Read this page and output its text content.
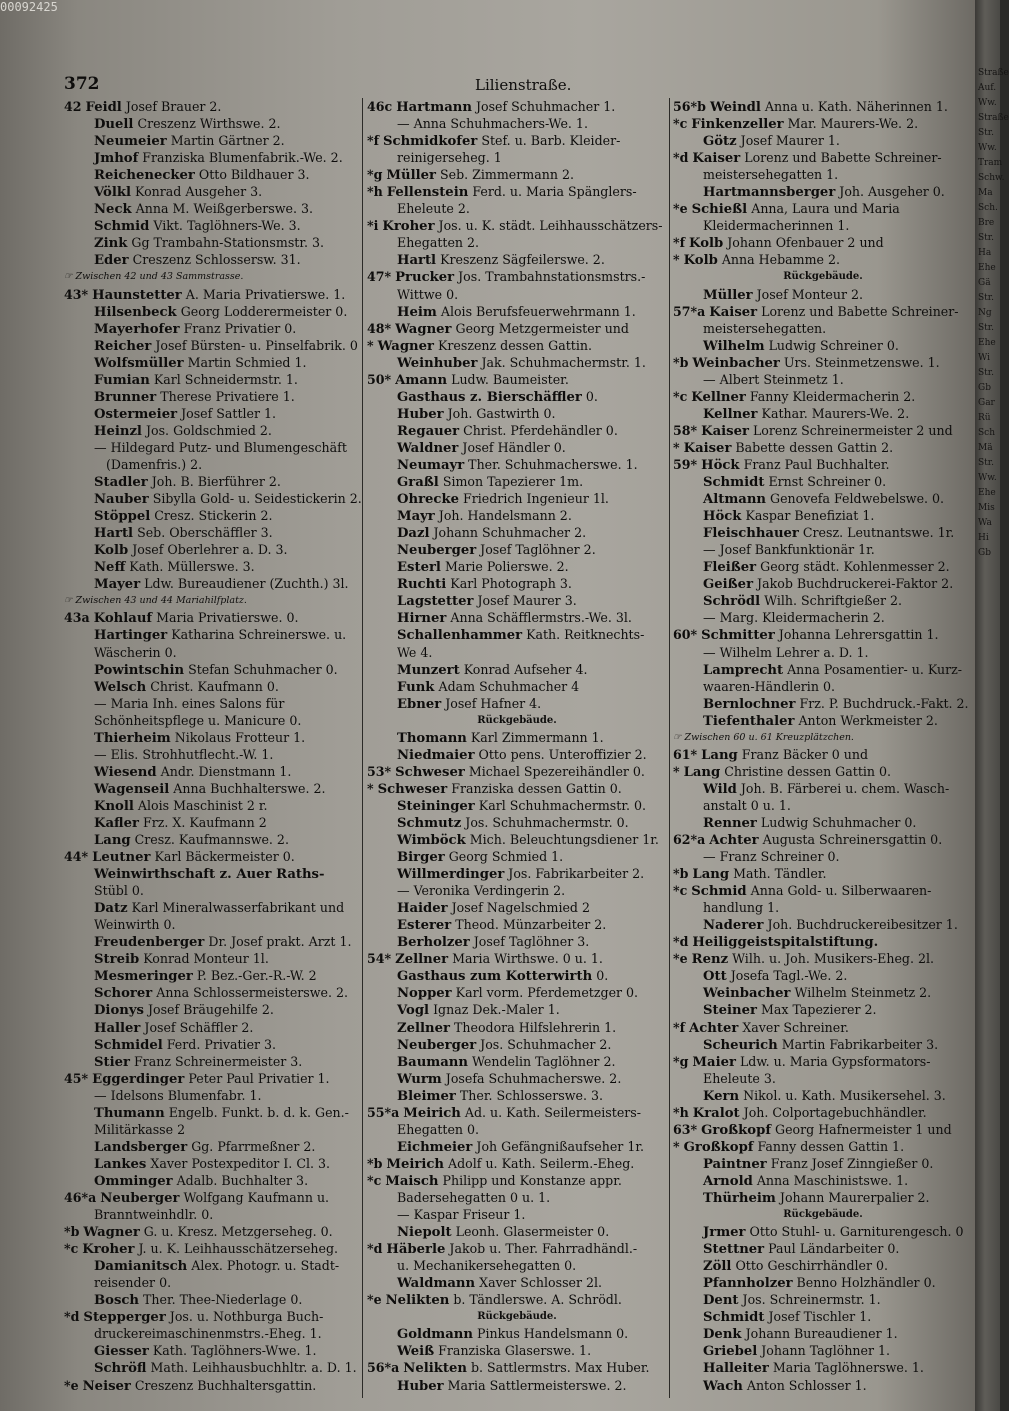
00092425
372	Lilienstraße.
42 Feidl Josef Brauer 2.
Duell Creszenz Wirthswe. 2.
Neumeier Martin Gärtner 2.
Jmhof Franziska Blumenfabrik.-We. 2.
Reichenecker Otto Bildhauer 3.
Völkl Konrad Ausgeher 3.
Neck Anna M. Weißgerberswe. 3.
Schmid Vikt. Taglöhners-We. 3.
Zink Gg Trambahn-Stationsmstr. 3.
Eder Creszenz Schlossersw. 31.
☞ Zwischen 42 und 43 Sammstrasse.
43* Haunstetter A. Maria Privatierswe. 1.
Hilsenbeck Georg Lodderermeister 0.
Mayerhofer Franz Privatier 0.
Reicher Josef Bürsten- u. Pinselfabrik. 0
Wolfsmüller Martin Schmied 1.
Fumian Karl Schneidermstr. 1.
Brunner Therese Privatiere 1.
Ostermeier Josef Sattler 1.
Heinzl Jos. Goldschmied 2.
— Hildegard Putz- und Blumengeschäft
(Damenfris.) 2.
Stadler Joh. B. Bierführer 2.
Nauber Sibylla Gold- u. Seidestickerin 2.
Stöppel Cresz. Stickerin 2.
Hartl Seb. Oberschäffler 3.
Kolb Josef Oberlehrer a. D. 3.
Neff Kath. Müllerswe. 3.
Mayer Ldw. Bureaudiener (Zuchth.) 3l.
☞ Zwischen 43 und 44 Mariahilfplatz.
43a Kohlauf Maria Privatierswe. 0.
Hartinger Katharina Schreinerswe. u.
Wäscherin 0.
Powintschin Stefan Schuhmacher 0.
Welsch Christ. Kaufmann 0.
— Maria Inh. eines Salons für
Schönheitspflege u. Manicure 0.
Thierheim Nikolaus Frotteur 1.
— Elis. Strohhutflecht.-W. 1.
Wiesend Andr. Dienstmann 1.
Wagenseil Anna Buchhalterswe. 2.
Knoll Alois Maschinist 2 r.
Kafler Frz. X. Kaufmann 2
Lang Cresz. Kaufmannswe. 2.
44* Leutner Karl Bäckermeister 0.
Weinwirthschaft z. Auer Raths-
Stübl 0.
Datz Karl Mineralwasserfabrikant und
Weinwirth 0.
Freudenberger Dr. Josef prakt. Arzt 1.
Streib Konrad Monteur 1l.
Mesmeringer P. Bez.-Ger.-R.-W. 2
Schorer Anna Schlossermeisterswe. 2.
Dionys Josef Bräugehilfe 2.
Haller Josef Schäffler 2.
Schmidel Ferd. Privatier 3.
Stier Franz Schreinermeister 3.
45* Eggerdinger Peter Paul Privatier 1.
— Idelsons Blumenfabr. 1.
Thumann Engelb. Funkt. b. d. k. Gen.-
Militärkasse 2
Landsberger Gg. Pfarrmeßner 2.
Lankes Xaver Postexpeditor I. Cl. 3.
Omminger Adalb. Buchhalter 3.
46*a Neuberger Wolfgang Kaufmann u.
Branntweinhdlr. 0.
*b Wagner G. u. Kresz. Metzgerseheg. 0.
*c Kroher J. u. K. Leihhausschätzerseheg.
Damianitsch Alex. Photogr. u. Stadt-
reisender 0.
Bosch Ther. Thee-Niederlage 0.
*d Stepperger Jos. u. Nothburga Buch-
druckereimaschinenmstrs.-Eheg. 1.
Giesser Kath. Taglöhners-Wwe. 1.
Schröfl Math. Leihhausbuchhltr. a. D. 1.
*e Neiser Creszenz Buchhaltersgattin.
46c Hartmann Josef Schuhmacher 1.
— Anna Schuhmachers-We. 1.
*f Schmidkofer Stef. u. Barb. Kleider-
reinigerseheg. 1
*g Müller Seb. Zimmermann 2.
*h Fellenstein Ferd. u. Maria Spänglers-
Eheleute 2.
*i Kroher Jos. u. K. städt. Leihhausschätzers-
Ehegatten 2.
Hartl Kreszenz Sägfeilerswe. 2.
47* Prucker Jos. Trambahnstationsmstrs.-
Wittwe 0.
Heim Alois Berufsfeuerwehrmann 1.
48* Wagner Georg Metzgermeister und
* Wagner Kreszenz dessen Gattin.
Weinhuber Jak. Schuhmachermstr. 1.
50* Amann Ludw. Baumeister.
Gasthaus z. Bierschäffler 0.
Huber Joh. Gastwirth 0.
Regauer Christ. Pferdehändler 0.
Waldner Josef Händler 0.
Neumayr Ther. Schuhmacherswe. 1.
Graßl Simon Tapezierer 1m.
Ohrecke Friedrich Ingenieur 1l.
Mayr Joh. Handelsmann 2.
Dazl Johann Schuhmacher 2.
Neuberger Josef Taglöhner 2.
Esterl Marie Polierswe. 2.
Ruchti Karl Photograph 3.
Lagstetter Josef Maurer 3.
Hirner Anna Schäfflermstrs.-We. 3l.
Schallenhammer Kath. Reitknechts-
We 4.
Munzert Konrad Aufseher 4.
Funk Adam Schuhmacher 4
Ebner Josef Hafner 4.
Rückgebäude.
Thomann Karl Zimmermann 1.
Niedmaier Otto pens. Unteroffizier 2.
53* Schweser Michael Spezereihändler 0.
* Schweser Franziska dessen Gattin 0.
Steininger Karl Schuhmachermstr. 0.
Schmutz Jos. Schuhmachermstr. 0.
Wimböck Mich. Beleuchtungsdiener 1r.
Birger Georg Schmied 1.
Willmerdinger Jos. Fabrikarbeiter 2.
— Veronika Verdingerin 2.
Haider Josef Nagelschmied 2
Esterer Theod. Münzarbeiter 2.
Berholzer Josef Taglöhner 3.
54* Zellner Maria Wirthswe. 0 u. 1.
Gasthaus zum Kotterwirth 0.
Nopper Karl vorm. Pferdemetzger 0.
Vogl Ignaz Dek.-Maler 1.
Zellner Theodora Hilfslehrerin 1.
Neuberger Jos. Schuhmacher 2.
Baumann Wendelin Taglöhner 2.
Wurm Josefa Schuhmacherswe. 2.
Bleimer Ther. Schlosserswe. 3.
55*a Meirich Ad. u. Kath. Seilermeisters-
Ehegatten 0.
Eichmeier Joh Gefängnißaufseher 1r.
*b Meirich Adolf u. Kath. Seilerm.-Eheg.
*c Maisch Philipp und Konstanze appr.
Badersehegatten 0 u. 1.
— Kaspar Friseur 1.
Niepolt Leonh. Glasermeister 0.
*d Häberle Jakob u. Ther. Fahrradhändl.-
u. Mechanikersehegatten 0.
Waldmann Xaver Schlosser 2l.
*e Nelikten b. Tändlerswe. A. Schrödl.
Rückgebäude.
Goldmann Pinkus Handelsmann 0.
Weiß Franziska Glaserswe. 1.
56*a Nelikten b. Sattlermstrs. Max Huber.
Huber Maria Sattlermeisterswe. 2.
56*b Weindl Anna u. Kath. Näherinnen 1.
*c Finkenzeller Mar. Maurers-We. 2.
Götz Josef Maurer 1.
*d Kaiser Lorenz und Babette Schreiner-
meistersehegatten 1.
Hartmannsberger Joh. Ausgeher 0.
*e Schießl Anna, Laura und Maria
Kleidermacherinnen 1.
*f Kolb Johann Ofenbauer 2 und
* Kolb Anna Hebamme 2.
Rückgebäude.
Müller Josef Monteur 2.
57*a Kaiser Lorenz und Babette Schreiner-
meistersehegatten.
Wilhelm Ludwig Schreiner 0.
*b Weinbacher Urs. Steinmetzenswe. 1.
— Albert Steinmetz 1.
*c Kellner Fanny Kleidermacherin 2.
Kellner Kathar. Maurers-We. 2.
58* Kaiser Lorenz Schreinermeister 2 und
* Kaiser Babette dessen Gattin 2.
59* Höck Franz Paul Buchhalter.
Schmidt Ernst Schreiner 0.
Altmann Genovefa Feldwebelswe. 0.
Höck Kaspar Benefiziat 1.
Fleischhauer Cresz. Leutnantswe. 1r.
— Josef Bankfunktionär 1r.
Fleißer Georg städt. Kohlenmesser 2.
Geißer Jakob Buchdruckerei-Faktor 2.
Schrödl Wilh. Schriftgießer 2.
— Marg. Kleidermacherin 2.
60* Schmitter Johanna Lehrersgattin 1.
— Wilhelm Lehrer a. D. 1.
Lamprecht Anna Posamentier- u. Kurz-
waaren-Händlerin 0.
Bernlochner Frz. P. Buchdruck.-Fakt. 2.
Tiefenthaler Anton Werkmeister 2.
☞ Zwischen 60 u. 61 Kreuzplätzchen.
61* Lang Franz Bäcker 0 und
* Lang Christine dessen Gattin 0.
Wild Joh. B. Färberei u. chem. Wasch-
anstalt 0 u. 1.
Renner Ludwig Schuhmacher 0.
62*a Achter Augusta Schreinersgattin 0.
— Franz Schreiner 0.
*b Lang Math. Tändler.
*c Schmid Anna Gold- u. Silberwaaren-
handlung 1.
Naderer Joh. Buchdruckereibesitzer 1.
*d Heiliggeistspitalstiftung.
*e Renz Wilh. u. Joh. Musikers-Eheg. 2l.
Ott Josefa Tagl.-We. 2.
Weinbacher Wilhelm Steinmetz 2.
Steiner Max Tapezierer 2.
*f Achter Xaver Schreiner.
Scheurich Martin Fabrikarbeiter 3.
*g Maier Ldw. u. Maria Gypsformators-
Eheleute 3.
Kern Nikol. u. Kath. Musikersehel. 3.
*h Kralot Joh. Colportagebuchhändler.
63* Großkopf Georg Hafnermeister 1 und
* Großkopf Fanny dessen Gattin 1.
Paintner Franz Josef Zinngießer 0.
Arnold Anna Maschinistswe. 1.
Thürheim Johann Maurerpalier 2.
Rückgebäude.
Jrmer Otto Stuhl- u. Garniturengesch. 0
Stettner Paul Ländarbeiter 0.
Zöll Otto Geschirrhändler 0.
Pfannholzer Benno Holzhändler 0.
Dent Jos. Schreinermstr. 1.
Schmidt Josef Tischler 1.
Denk Johann Bureaudiener 1.
Griebel Johann Taglöhner 1.
Halleiter Maria Taglöhnerswe. 1.
Wach Anton Schlosser 1.
Straße
Auf.
Ww.
Straße
Str.
Ww.
Tram
Schw.
Ma
Sch.
Bre
Str.
Ha
Ehe
Gä
Str.
Ng
Str.
Ehe
Wi
Str.
Gb
Gar
Rü
Sch
Mä
Str.
Ww.
Ehe
Mis
Wa
Hi
Gb
